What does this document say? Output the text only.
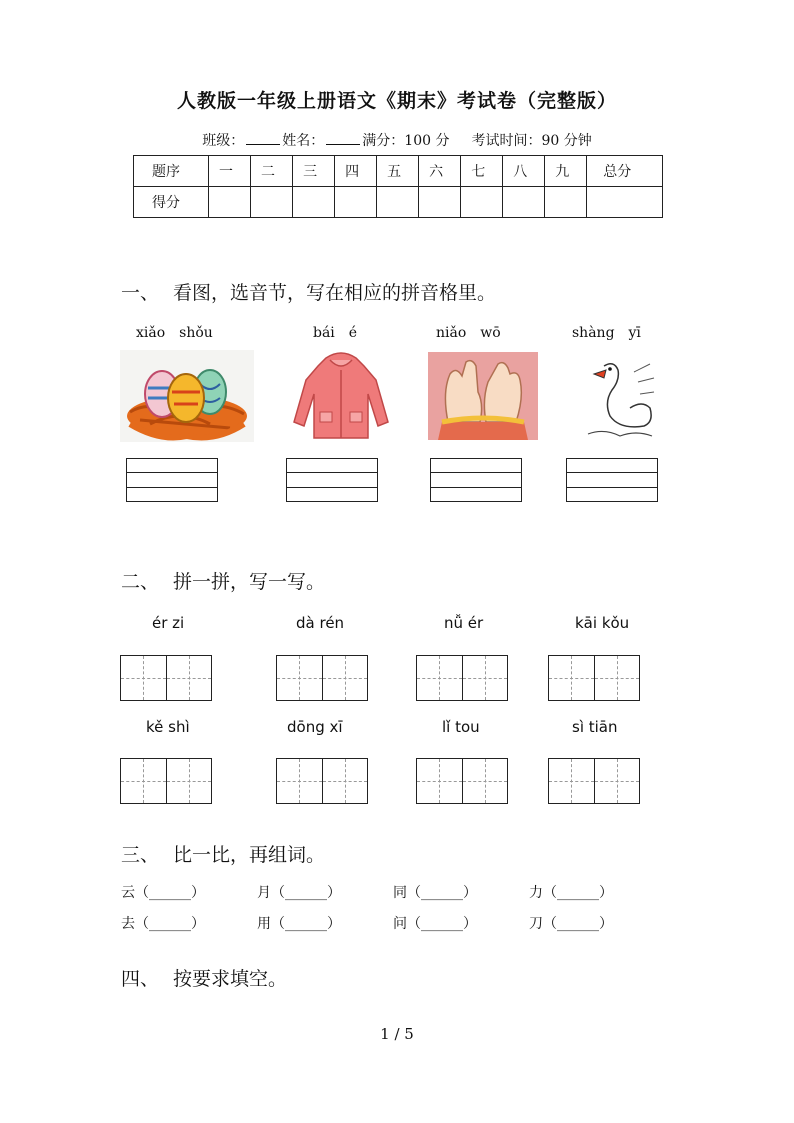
人教版一年级上册语文《期末》考试卷（完整版）
班级：	姓名：	满分：100 分 考试时间：90 分钟
题序	一	二	三	四	五	六	七	八	九	总分
得分										
一、 看图，选音节，写在相应的拼音格里。
xiǎo　shǒu	bái　é	niǎo　wō	shàng　yī
二、 拼一拼，写一写。
ér zi	dà rén	nǚ ér	kāi kǒu
kě shì	dōng xī	lǐ tou	sì tiān
三、 比一比，再组词。
云（______）	月（______）	同（______）	力（______）
去（______）	用（______）	问（______）	刀（______）
四、 按要求填空。
1 / 5
